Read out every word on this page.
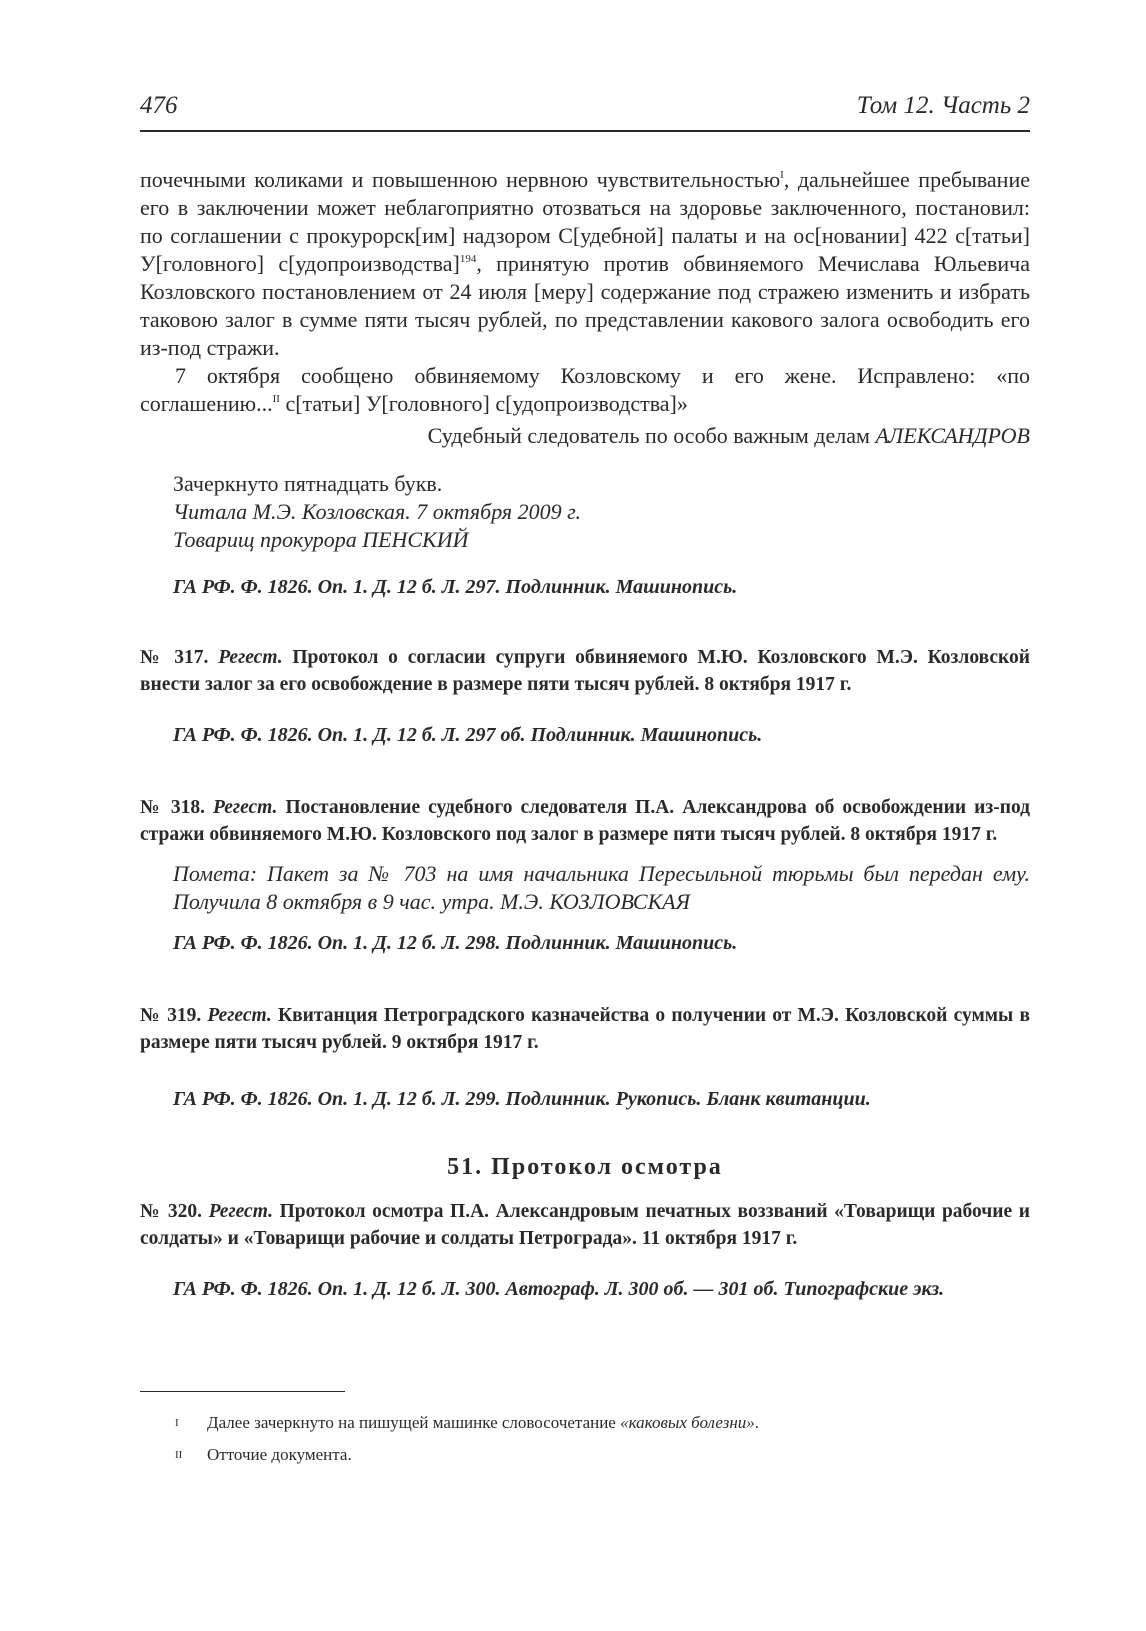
476	Том 12. Часть 2

почечными коликами и повышенною нервною чувствительностью$^I$, дальнейшее пребывание его в заключении может неблагоприятно отозваться на здоровье заключенного, постановил: по соглашении с прокурорск[им] надзором С[удебной] палаты и на ос[новании] 422 с[татьи] У[головного] с[удопроизводства]$^{194}$, принятую против обвиняемого Мечислава Юльевича Козловского постановлением от 24 июля [меру] содержание под стражею изменить и избрать таковою залог в сумме пяти тысяч рублей, по представлении каковогo залога освободить его из-под стражи.

7 октября сообщено обвиняемому Козловскому и его жене. Исправлено: «по соглашению...$^{II}$ с[татьи] У[головного] с[удопроизводства]»

Судебный следователь по особо важным делам АЛЕКСАНДРОВ

Зачеркнуто пятнадцать букв.

Читала М.Э. Козловская. 7 октября 2009 г.

Товарищ прокурора ПЕНСКИЙ

ГА РФ. Ф. 1826. Оп. 1. Д. 12 б. Л. 297. Подлинник. Машинопись.

№ 317. Регест. Протокол о согласии супруги обвиняемого М.Ю. Козловского М.Э. Козловской внести залог за его освобождение в размере пяти тысяч рублей. 8 октября 1917 г.

ГА РФ. Ф. 1826. Оп. 1. Д. 12 б. Л. 297 об. Подлинник. Машинопись.

№ 318. Регест. Постановление судебного следователя П.А. Александрова об освобождении из-под стражи обвиняемого М.Ю. Козловского под залог в размере пяти тысяч рублей. 8 октября 1917 г.

Помета: Пакет за № 703 на имя начальника Пересыльной тюрьмы был передан ему. Получила 8 октября в 9 час. утра. М.Э. КОЗЛОВСКАЯ

ГА РФ. Ф. 1826. Оп. 1. Д. 12 б. Л. 298. Подлинник. Машинопись.

№ 319. Регест. Квитанция Петроградского казначейства о получении от М.Э. Козловской суммы в размере пяти тысяч рублей. 9 октября 1917 г.

ГА РФ. Ф. 1826. Оп. 1. Д. 12 б. Л. 299. Подлинник. Рукопись. Бланк квитанции.

51. Протокол осмотра

№ 320. Регест. Протокол осмотра П.А. Александровым печатных воззваний «Товарищи рабочие и солдаты» и «Товарищи рабочие и солдаты Петрограда». 11 октября 1917 г.

ГА РФ. Ф. 1826. Оп. 1. Д. 12 б. Л. 300. Автограф. Л. 300 об. — 301 об. Типографские экз.

I Далее зачеркнуто на пишущей машинке словосочетание «каковых болезни».
II Отточие документа.
